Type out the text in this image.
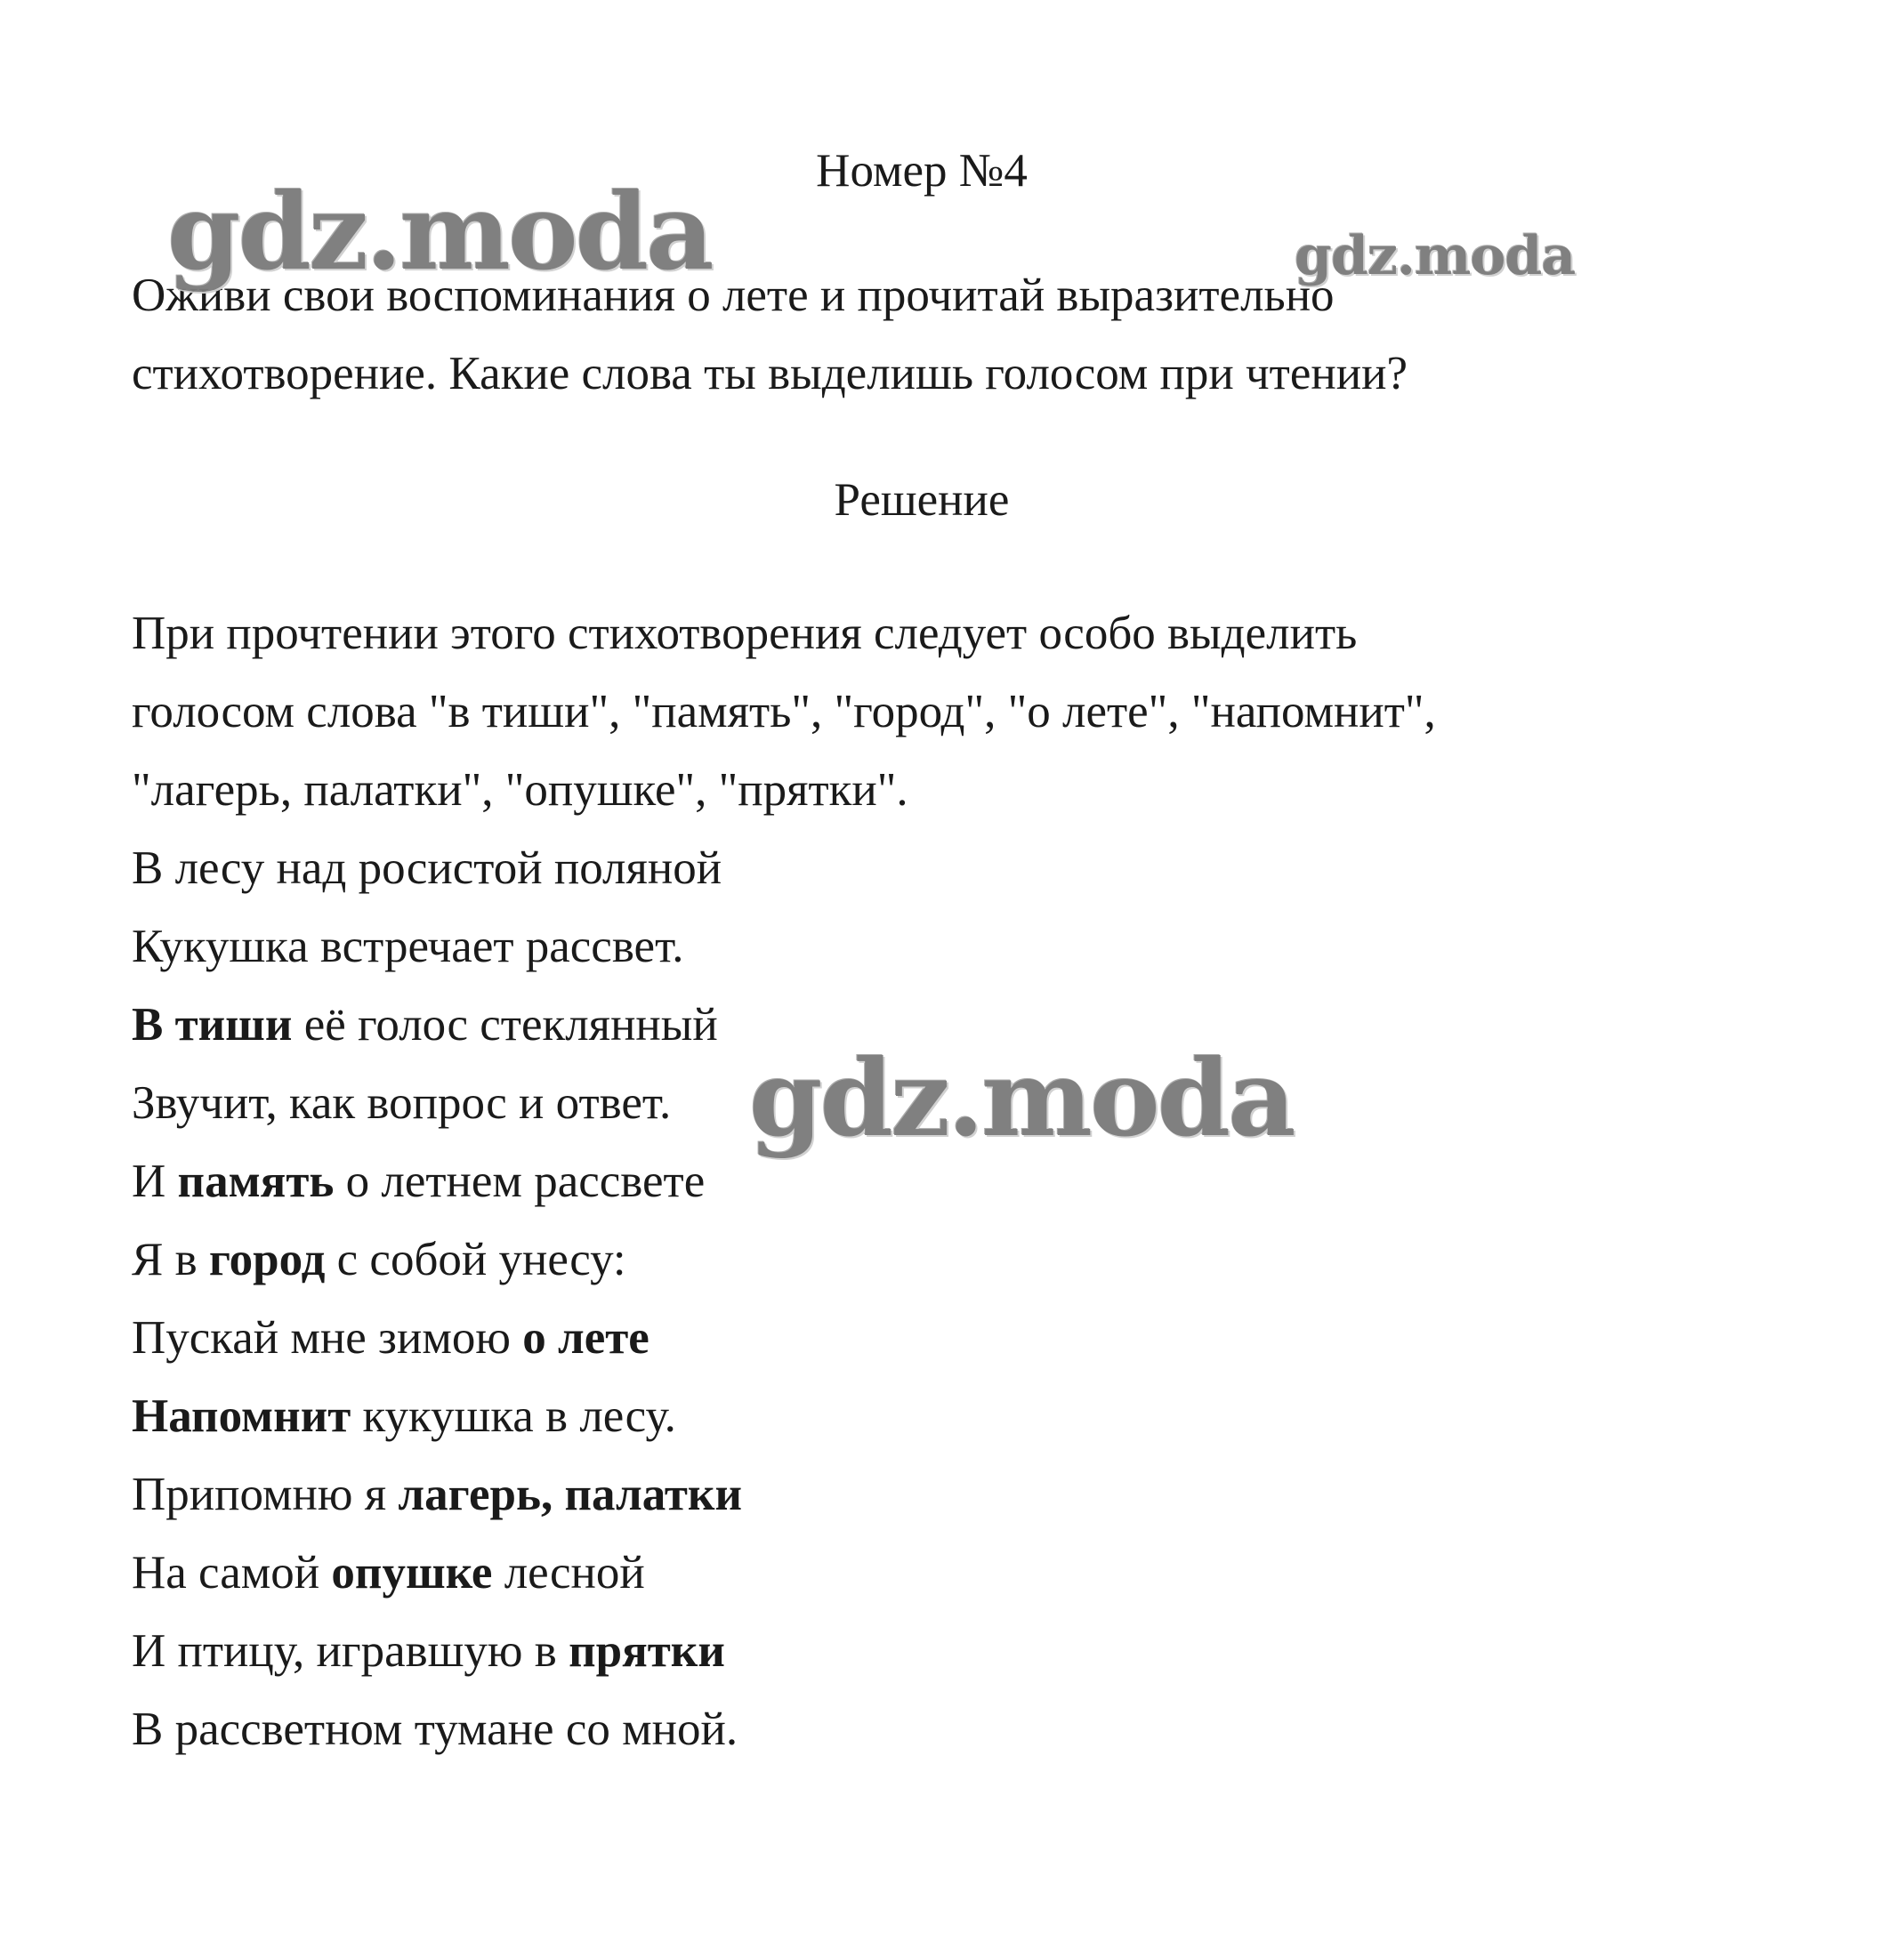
Номер №4
Оживи свои воспоминания о лете и прочитай выразительно
стихотворение. Какие слова ты выделишь голосом при чтении?
Решение
При прочтении этого стихотворения следует особо выделить
голосом слова "в тиши", "память", "город", "о лете", "напомнит",
"лагерь, палатки", "опушке", "прятки".
В лесу над росистой поляной
Кукушка встречает рассвет.
В тиши её голос стеклянный
Звучит, как вопрос и ответ.
И память о летнем рассвете
Я в город с собой унесу:
Пускай мне зимою о лете
Напомнит кукушка в лесу.
Припомню я лагерь, палатки
На самой опушке лесной
И птицу, игравшую в прятки
В рассветном тумане со мной.
gdz.moda	gdz.moda
gdz.moda
